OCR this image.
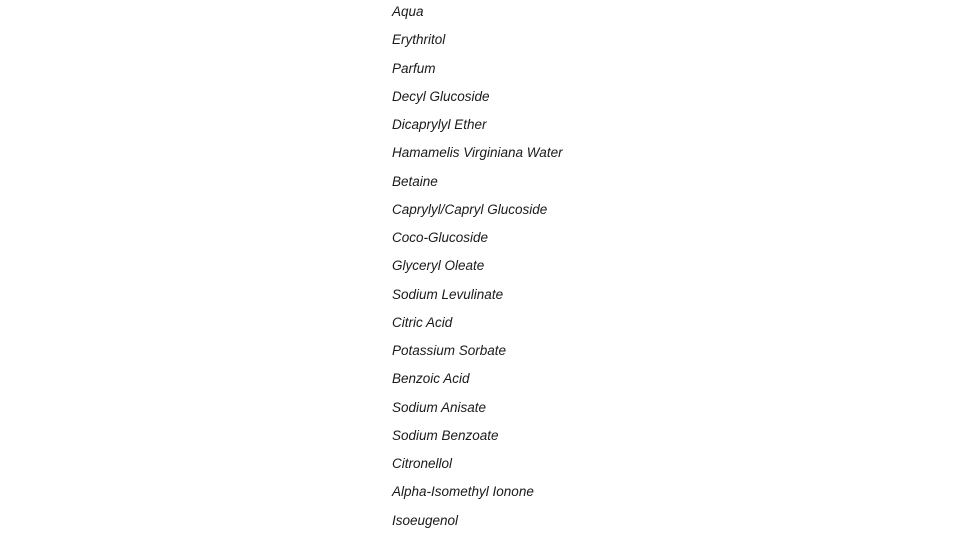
Aqua
Erythritol
Parfum
Decyl Glucoside
Dicaprylyl Ether
Hamamelis Virginiana Water
Betaine
Caprylyl/Capryl Glucoside
Coco-Glucoside
Glyceryl Oleate
Sodium Levulinate
Citric Acid
Potassium Sorbate
Benzoic Acid
Sodium Anisate
Sodium Benzoate
Citronellol
Alpha-Isomethyl Ionone
Isoeugenol
